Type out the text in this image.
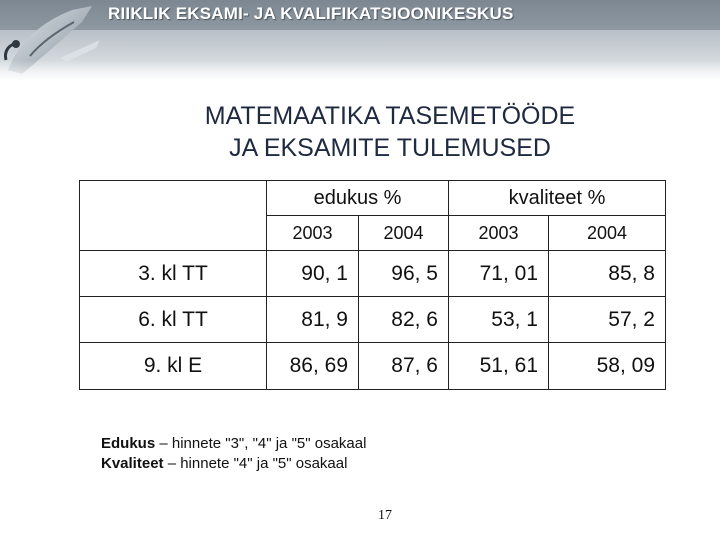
RIIKLIK EKSAMI- JA KVALIFIKATSIOONIKESKUS
MATEMAATIKA TASEMETÖÖDE
JA EKSAMITE TULEMUSED
	edukus %		kvaliteet %	
	2003	2004	2003	2004
3. kl TT	90, 1	96, 5	71, 01	85, 8
6. kl TT	81, 9	82, 6	53, 1	57, 2
9. kl E	86, 69	87, 6	51, 61	58, 09
Edukus – hinnete "3", "4" ja "5" osakaal
Kvaliteet – hinnete "4" ja "5" osakaal
17
